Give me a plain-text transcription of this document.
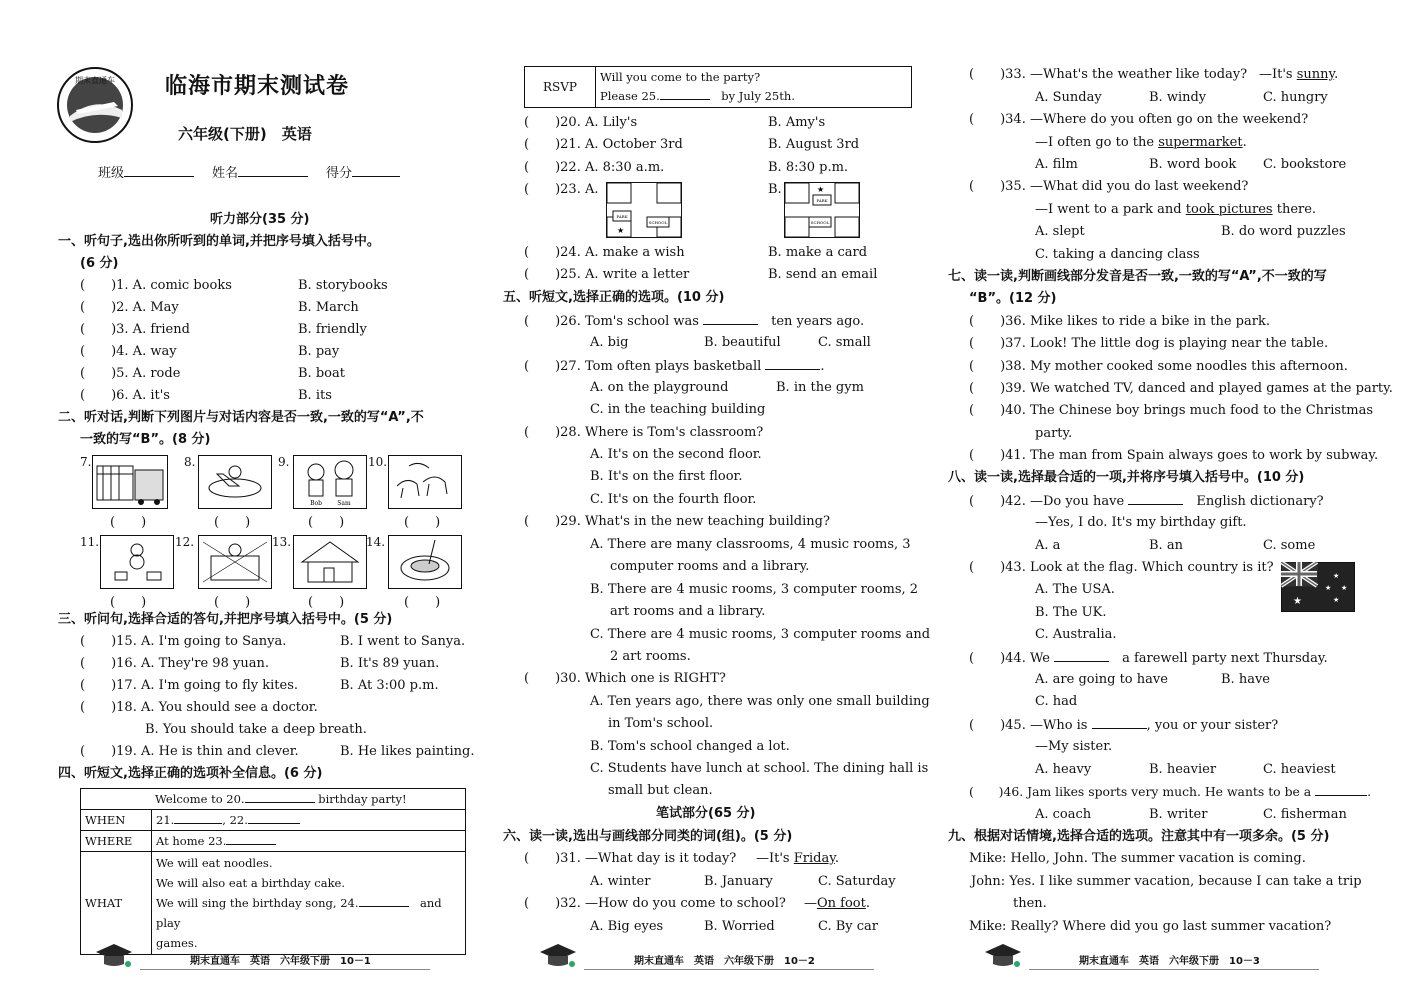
期末直通车 临海市期末测试卷
六年级(下册)　英语
班级	姓名	得分
听力部分(35 分)
一、听句子,选出你所听到的单词,并把序号填入括号中。
(6 分)
(　　)1. A. comic books	B. storybooks
(　　)2. A. May	B. March
(　　)3. A. friend	B. friendly
(　　)4. A. way	B. pay
(　　)5. A. rode	B. boat
(　　)6. A. it's	B. its
二、听对话,判断下列图片与对话内容是否一致,一致的写“A”,不
一致的写“B”。(8 分)
7.	8.	9.
Bob	Sam
10.
(　　)	(　　)	(　　)	(　　)
11.	12.	13.	14.
(　　)	(　　)	(　　)	(　　)
三、听问句,选择合适的答句,并把序号填入括号中。(5 分)
(　　)15. A. I'm going to Sanya.	B. I went to Sanya.
(　　)16. A. They're 98 yuan.	B. It's 89 yuan.
(　　)17. A. I'm going to fly kites.	B. At 3:00 p.m.
(　　)18. A. You should see a doctor.
B. You should take a deep breath.
(　　)19. A. He is thin and clever.	B. He likes painting.
四、听短文,选择正确的选项补全信息。(6 分)
Welcome to 20. birthday party!	
WHEN	21. , 22.
WHERE	At home 23.
WHAT	We will eat noodles.
We will also eat a birthday cake.
We will sing the birthday song, 24.　 and play
games.
期末直通车　英语　六年级下册　10－1
RSVP	
Will you come to the party?
Please 25.　	by July 25th.
(　　)20. A. Lily's	B. Amy's
(　　)21. A. October 3rd	B. August 3rd
(　　)22. A. 8:30 a.m.	B. 8:30 p.m.
(　　)23. A.	B.
PARK
SCHOOL
★
PARK
SCHOOL
★
(　　)24. A. make a wish	B. make a card
(　　)25. A. write a letter	B. send an email
五、听短文,选择正确的选项。(10 分)
(　　)26. Tom's school was 　	ten years ago.
A. big	B. beautiful	C. small
(　　)27. Tom often plays basketball	.
A. on the playground	B. in the gym
C. in the teaching building
(　　)28. Where is Tom's classroom?
A. It's on the second floor.
B. It's on the first floor.
C. It's on the fourth floor.
(　　)29. What's in the new teaching building?
A. There are many classrooms, 4 music rooms, 3
computer rooms and a library.
B. There are 4 music rooms, 3 computer rooms, 2
art rooms and a library.
C. There are 4 music rooms, 3 computer rooms and
2 art rooms.
(　　)30. Which one is RIGHT?
A. Ten years ago, there was only one small building
in Tom's school.
B. Tom's school changed a lot.
C. Students have lunch at school. The dining hall is
small but clean.
笔试部分(65 分)
六、读一读,选出与画线部分同类的词(组)。(5 分)
(　　)31. —What day is it today? —It's Friday.
A. winter	B. January	C. Saturday
(　　)32. —How do you come to school? —On foot.
A. Big eyes	B. Worried	C. By car
期末直通车　英语　六年级下册　10－2
(　　)33. —What's the weather like today? —It's sunny.
A. Sunday	B. windy	C. hungry
(　　)34. —Where do you often go on the weekend?
—I often go to the supermarket.
A. film	B. word book C. bookstore
(　　)35. —What did you do last weekend?
—I went to a park and took pictures there.
A. slept	B. do word puzzles
C. taking a dancing class
七、读一读,判断画线部分发音是否一致,一致的写“A”,不一致的写
“B”。(12 分)
(　　)36. Mike likes to ride a bike in the park.
(　　)37. Look! The little dog is playing near the table.
(　　)38. My mother cooked some noodles this afternoon.
(　　)39. We watched TV, danced and played games at the party.
(　　)40. The Chinese boy brings much food to the Christmas
party.
(　　)41. The man from Spain always goes to work by subway.
八、读一读,选择最合适的一项,并将序号填入括号中。(10 分)
(　　)42. —Do you have 　	English dictionary?
—Yes, I do. It's my birthday gift.
A. a	B. an	C. some
(　　)43. Look at the flag. Which country is it?
A. The USA.
B. The UK.
C. Australia.
★
★
★
★
★
(　　)44. We 　	a farewell party next Thursday.
A. are going to have	B. have
C. had
(　　)45. —Who is	, you or your sister?
—My sister.
A. heavy	B. heavier	C. heaviest
(　　)46. Jam likes sports very much. He wants to be a	.
A. coach	B. writer	C. fisherman
九、根据对话情境,选择合适的选项。注意其中有一项多余。(5 分)
Mike: Hello, John. The summer vacation is coming.
John: Yes. I like summer vacation, because I can take a trip
then.
Mike: Really? Where did you go last summer vacation?
期末直通车　英语　六年级下册　10－3
